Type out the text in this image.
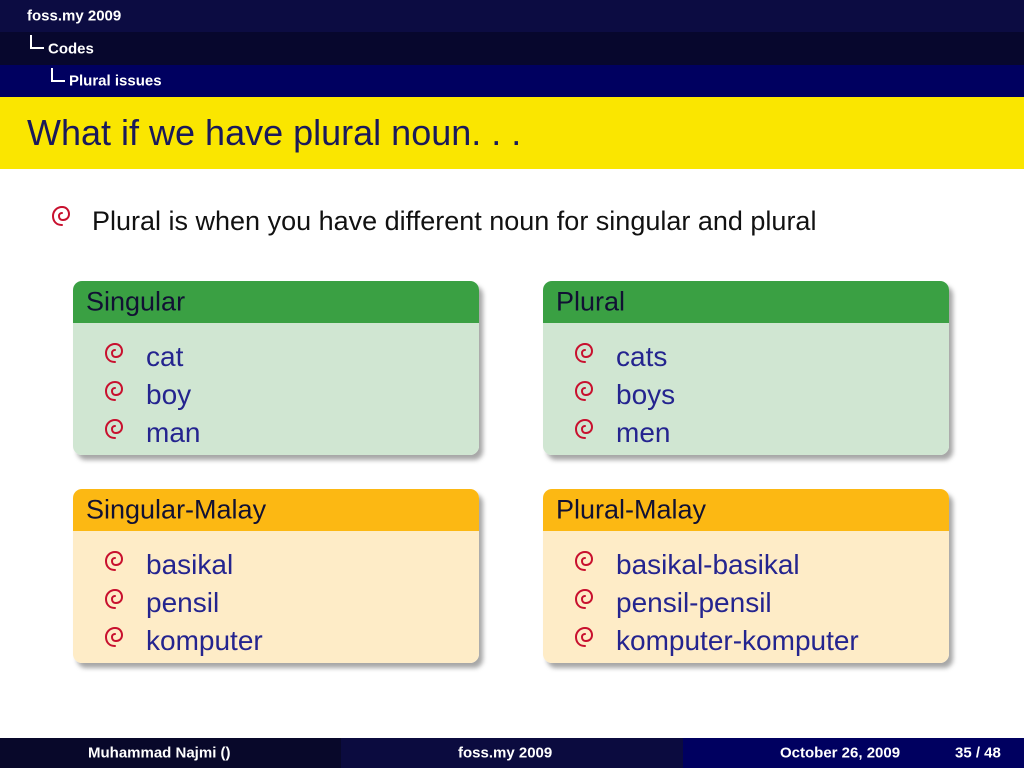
foss.my 2009
Codes
Plural issues
What if we have plural noun. . .
Plural is when you have different noun for singular and plural
Singular
cat
boy
man
Plural
cats
boys
men
Singular-Malay
basikal
pensil
komputer
Plural-Malay
basikal-basikal
pensil-pensil
komputer-komputer
Muhammad Najmi ()	foss.my 2009	October 26, 2009	35 / 48
